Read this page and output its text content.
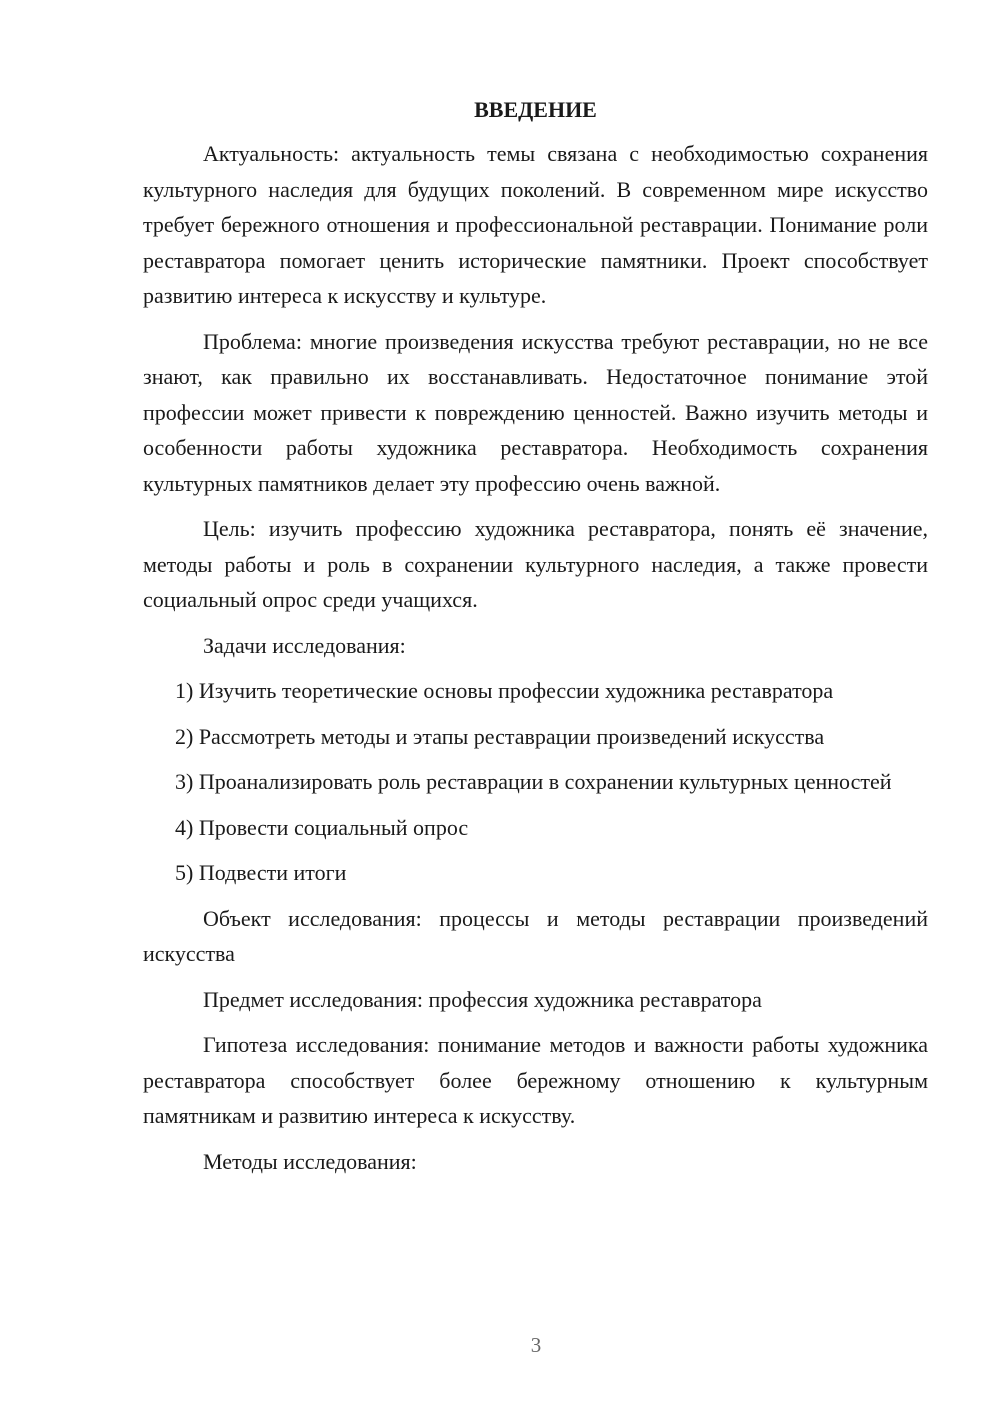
ВВЕДЕНИЕ
Актуальность: актуальность темы связана с необходимостью сохранения культурного наследия для будущих поколений. В современном мире искусство требует бережного отношения и профессиональной реставрации. Понимание роли реставратора помогает ценить исторические памятники. Проект способствует развитию интереса к искусству и культуре.
Проблема: многие произведения искусства требуют реставрации, но не все знают, как правильно их восстанавливать. Недостаточное понимание этой профессии может привести к повреждению ценностей. Важно изучить методы и особенности работы художника реставратора. Необходимость сохранения культурных памятников делает эту профессию очень важной.
Цель: изучить профессию художника реставратора, понять её значение, методы работы и роль в сохранении культурного наследия, а также провести социальный опрос среди учащихся.
Задачи исследования:
1) Изучить теоретические основы профессии художника реставратора
2) Рассмотреть методы и этапы реставрации произведений искусства
3) Проанализировать роль реставрации в сохранении культурных ценностей
4) Провести социальный опрос
5) Подвести итоги
Объект исследования: процессы и методы реставрации произведений искусства
Предмет исследования: профессия художника реставратора
Гипотеза исследования: понимание методов и важности работы художника реставратора способствует более бережному отношению к культурным памятникам и развитию интереса к искусству.
Методы исследования:
3
